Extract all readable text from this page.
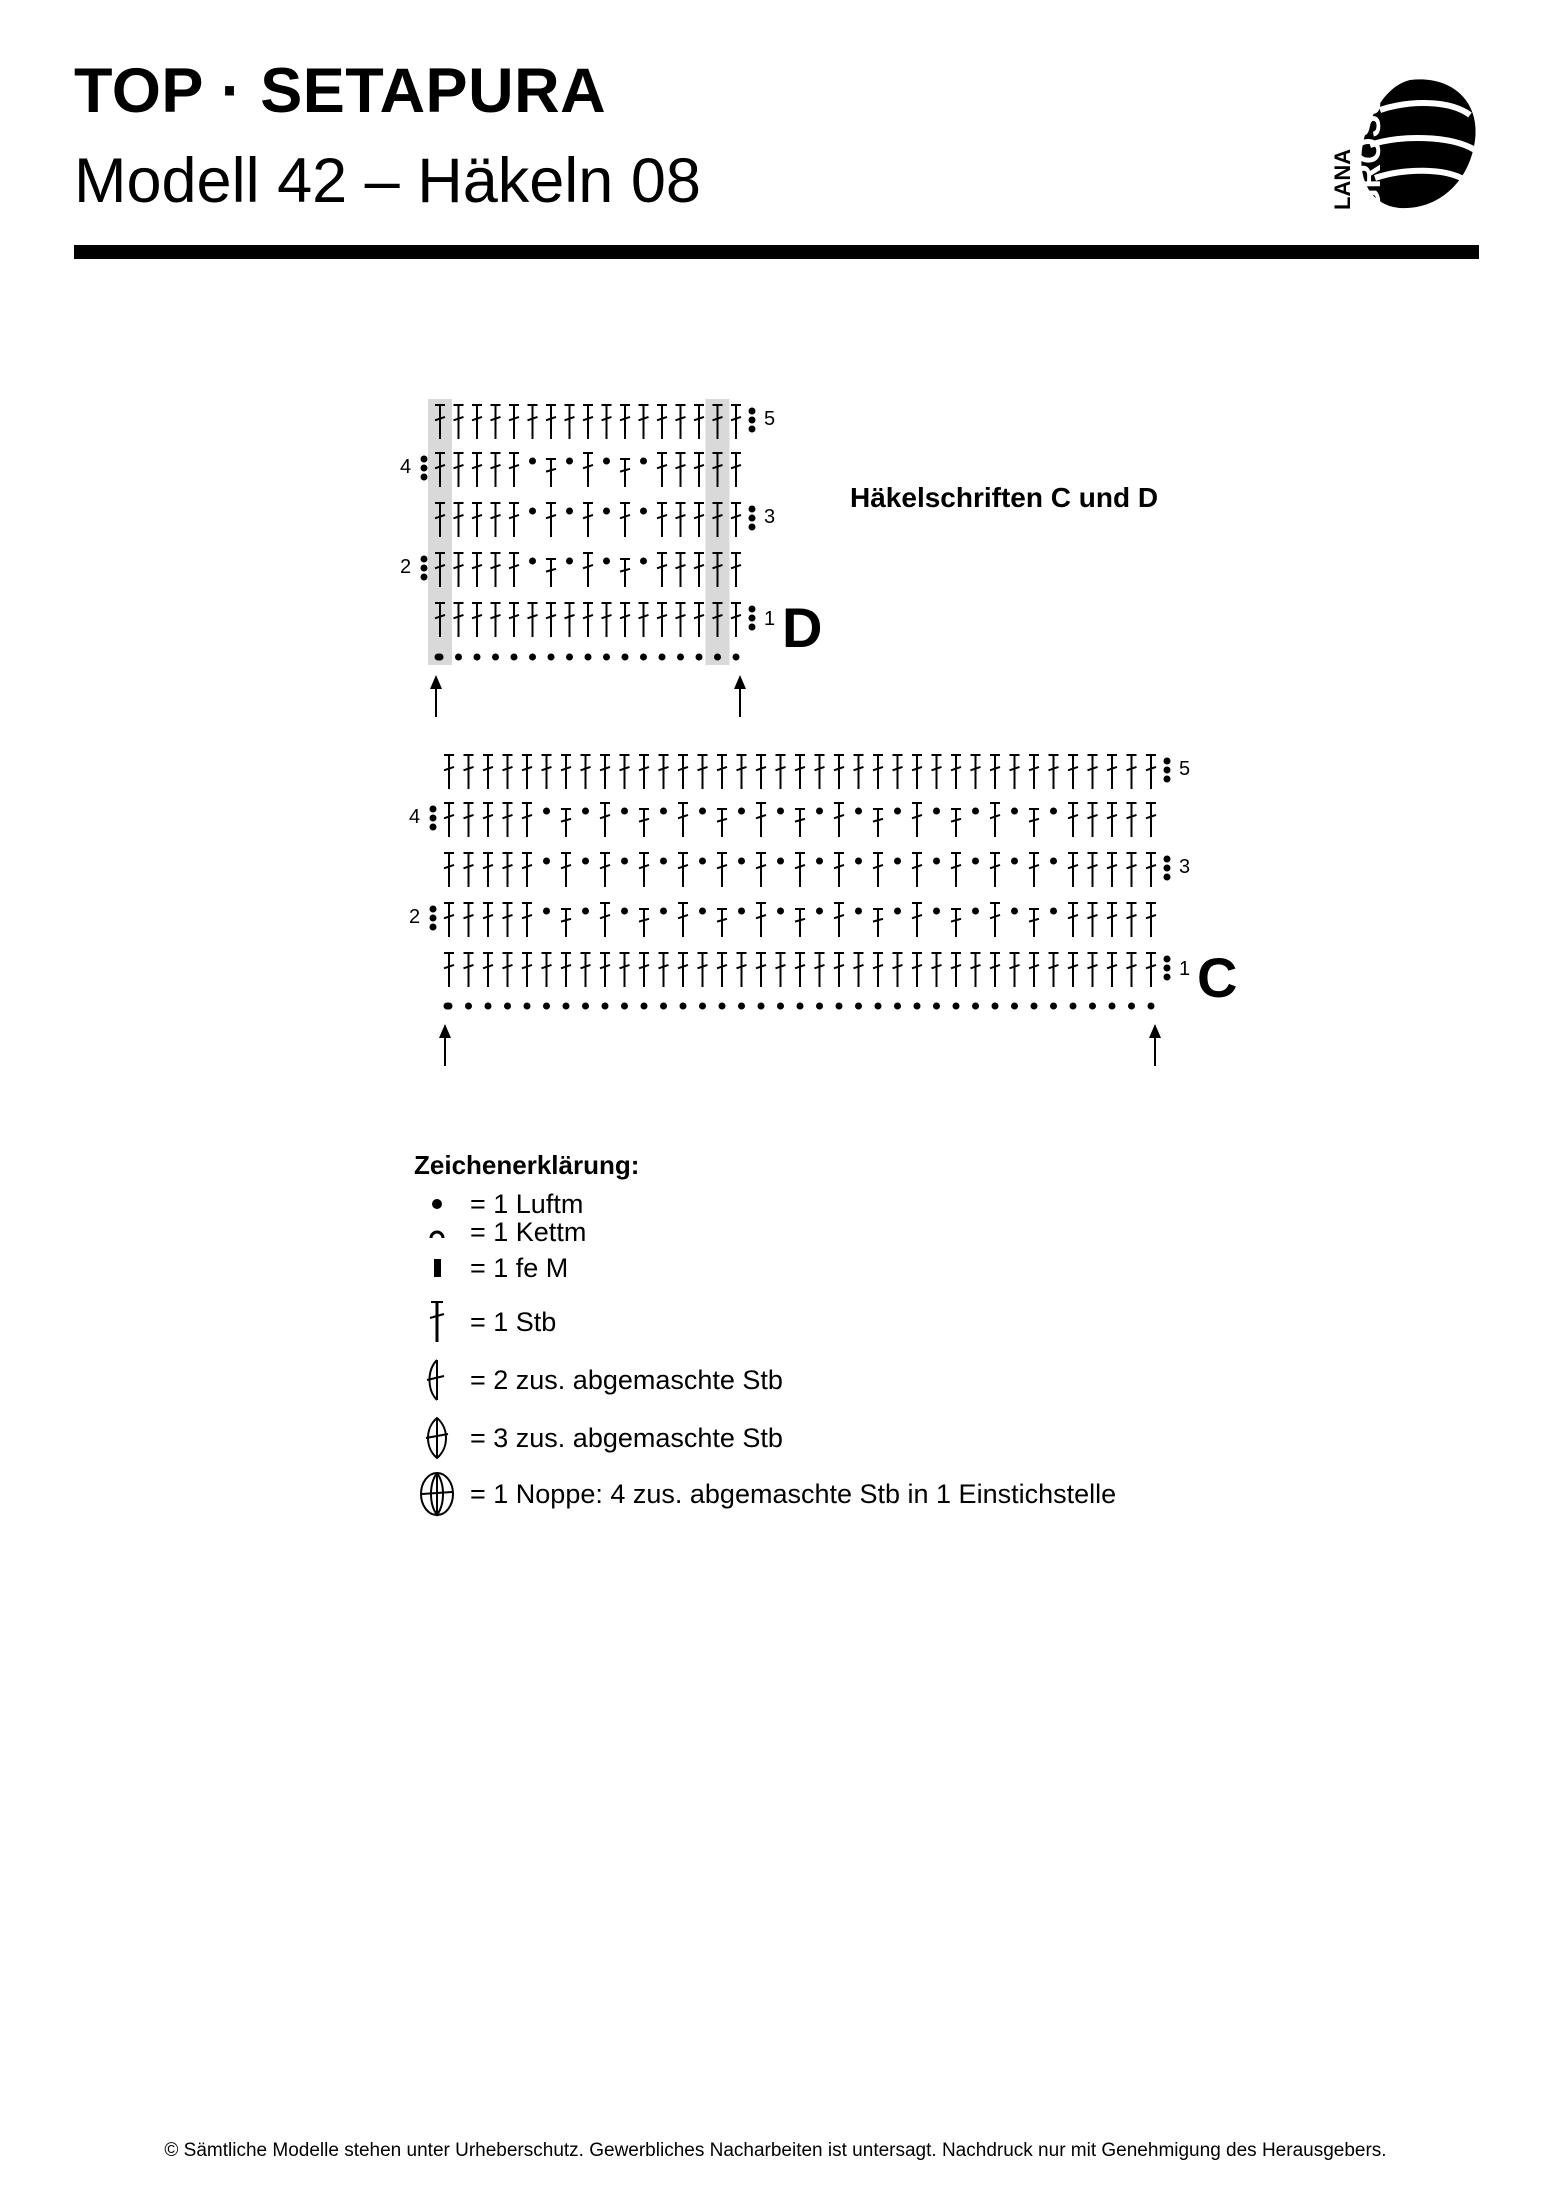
TOP · SETAPURA
Modell 42 – Häkeln 08	LANA
GROSSA
Häkelschriften C und D
5
3
1
4
2
D
5
3
1
4
2
C
Zeichenerklärung:
= 1 Luftm
= 1 Kettm
= 1 fe M
= 1 Stb
= 2 zus. abgemaschte Stb
= 3 zus. abgemaschte Stb
= 1 Noppe: 4 zus. abgemaschte Stb in 1 Einstichstelle
© Sämtliche Modelle stehen unter Urheberschutz. Gewerbliches Nacharbeiten ist untersagt. Nachdruck nur mit Genehmigung des Herausgebers.
